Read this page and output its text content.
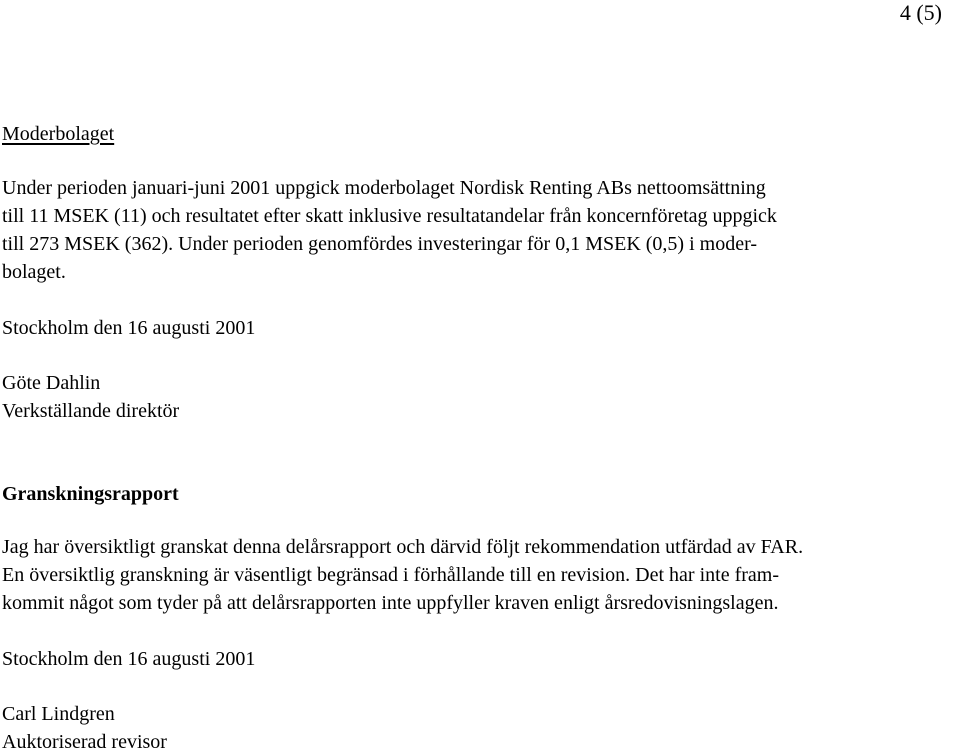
4 (5)
Moderbolaget
Under perioden januari-juni 2001 uppgick moderbolaget Nordisk Renting ABs nettoomsättning
till 11 MSEK (11) och resultatet efter skatt inklusive resultatandelar från koncernföretag uppgick
till 273 MSEK (362). Under perioden genomfördes investeringar för 0,1 MSEK (0,5) i moder-
bolaget.
Stockholm den 16 augusti 2001
Göte Dahlin
Verkställande direktör
Granskningsrapport
Jag har översiktligt granskat denna delårsrapport och därvid följt rekommendation utfärdad av FAR.
En översiktlig granskning är väsentligt begränsad i förhållande till en revision. Det har inte fram-
kommit något som tyder på att delårsrapporten inte uppfyller kraven enligt årsredovisningslagen.
Stockholm den 16 augusti 2001
Carl Lindgren
Auktoriserad revisor
